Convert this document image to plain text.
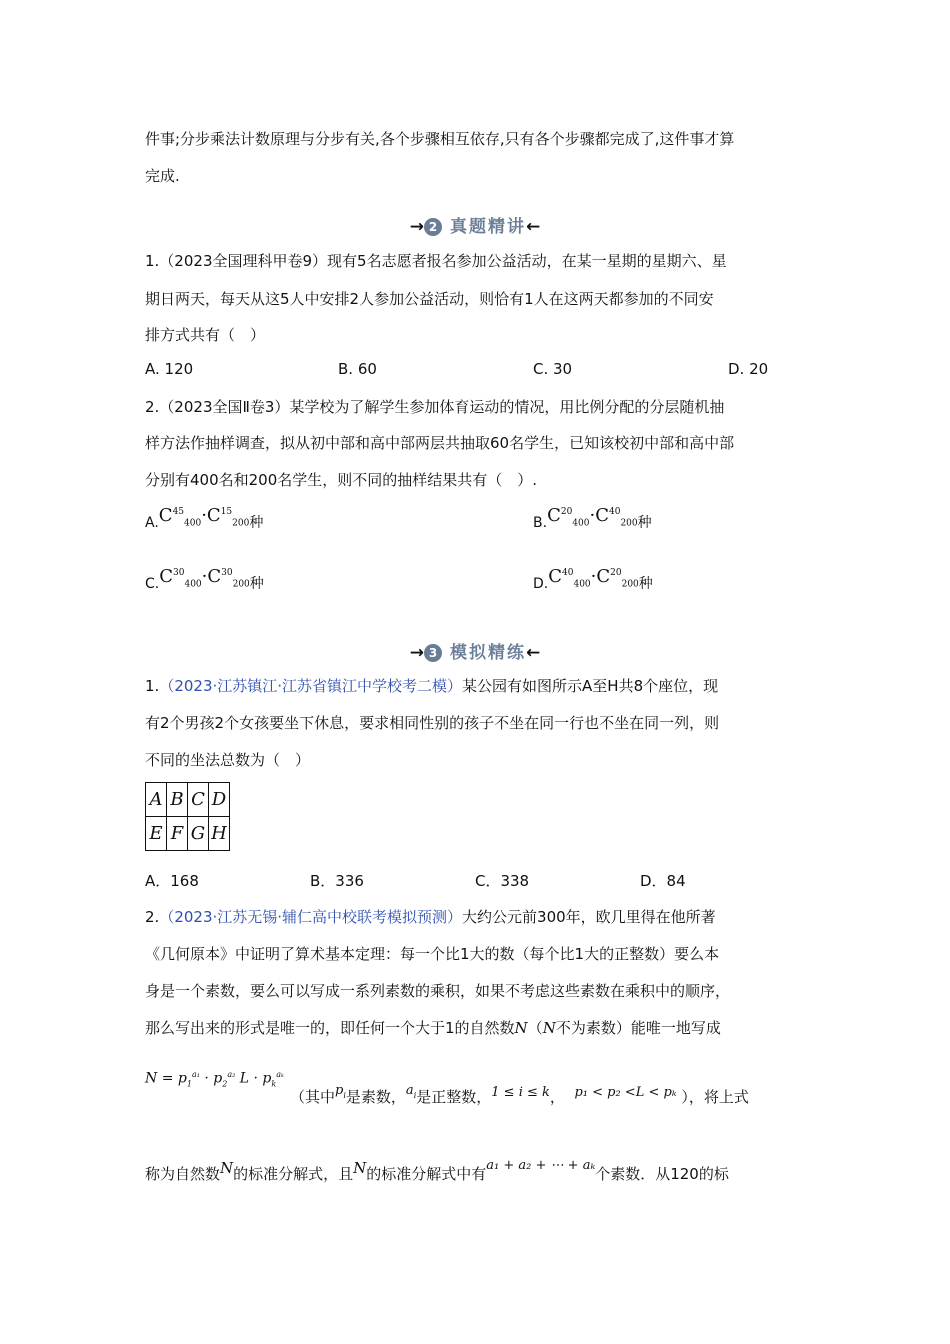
件事;分步乘法计数原理与分步有关,各个步骤相互依存,只有各个步骤都完成了,这件事才算
完成.
→ 2 真题精讲←
1.（2023全国理科甲卷9）现有5名志愿者报名参加公益活动，在某一星期的星期六、星
期日两天，每天从这5人中安排2人参加公益活动，则恰有1人在这两天都参加的不同安
排方式共有（　）
A. 120	B. 60	C. 30	D. 20
2.（2023全国Ⅱ卷3）某学校为了解学生参加体育运动的情况，用比例分配的分层随机抽
样方法作抽样调查，拟从初中部和高中部两层共抽取60名学生，已知该校初中部和高中部
分别有400名和200名学生，则不同的抽样结果共有（　）.
$_{A.}C^{45}_{400}\cdot C^{15}_{200种}$	$_{B.}C^{20}_{400}\cdot C^{40}_{200种}$
$_{C.}C^{30}_{400}\cdot C^{30}_{200种}$	$_{D.}C^{40}_{400}\cdot C^{20}_{200种}$
→ 3 模拟精练←
1.（2023·江苏镇江·江苏省镇江中学校考二模）某公园有如图所示A至H共8个座位，现
有2个男孩2个女孩要坐下休息，要求相同性别的孩子不坐在同一行也不坐在同一列，则
不同的坐法总数为（　）
A	B	C	D
E	F	G	H
A．168	B．336	C．338	D．84
2.（2023·江苏无锡·辅仁高中校联考模拟预测）大约公元前300年，欧几里得在他所著
《几何原本》中证明了算术基本定理：每一个比1大的数（每个比1大的正整数）要么本
身是一个素数，要么可以写成一系列素数的乘积，如果不考虑这些素数在乘积中的顺序，
那么写出来的形式是唯一的，即任何一个大于1的自然数N（N不为素数）能唯一地写成
$N = p_1^{a_1} \cdot p_2^{a_2}$ $L \cdot p_k^{a_k}$
（其中$p^i$是素数，$a^i$是正整数，1 ≤ i ≤ k， p₁ < p₂ <L < pₖ ），将上式
称为自然数N的标准分解式，且N的标准分解式中有a₁ + a₂ + ⋯ + aₖ个素数．从120的标
